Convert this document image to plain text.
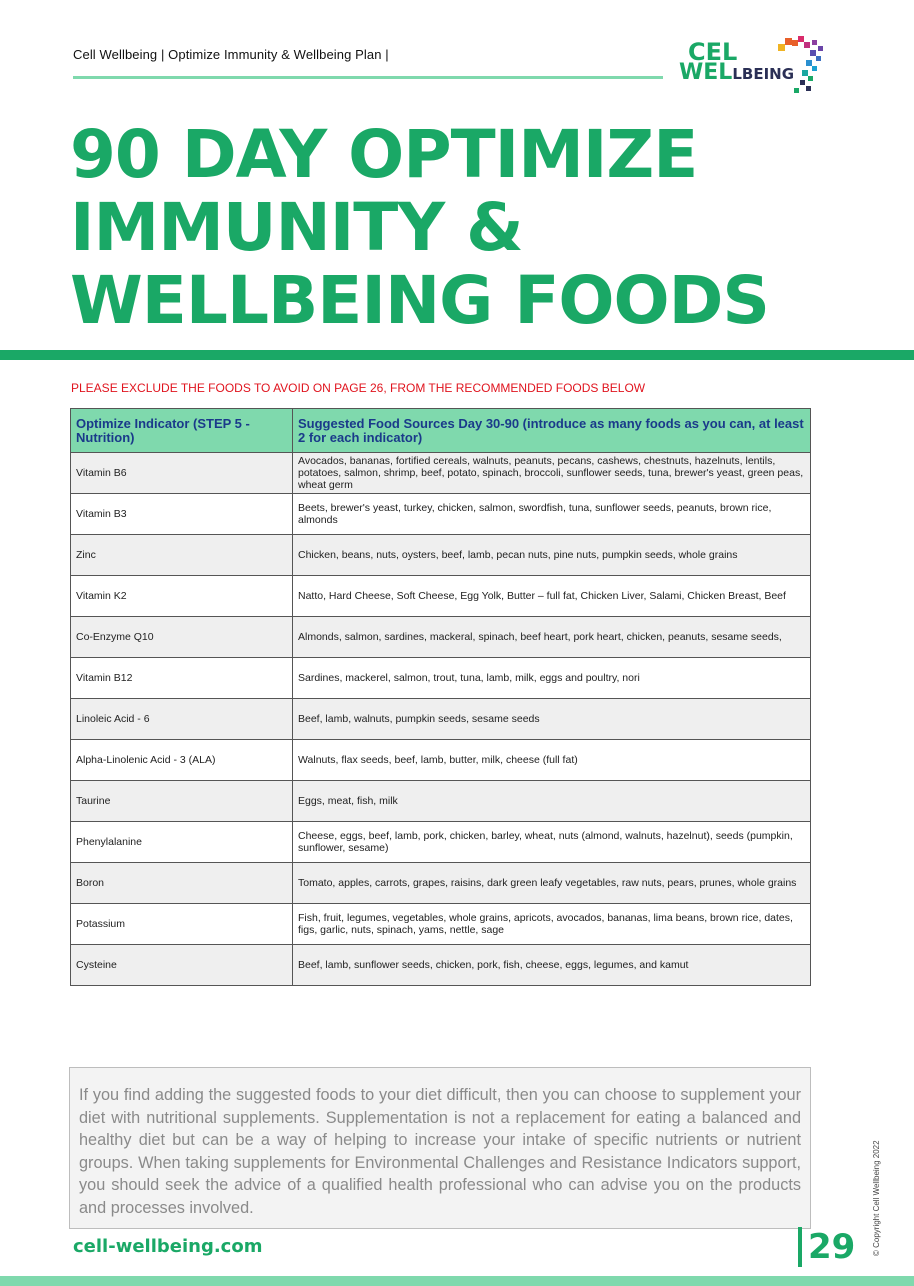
Cell Wellbeing | Optimize Immunity & Wellbeing Plan |	CEL
WELLBEING
90 DAY OPTIMIZE
IMMUNITY &
WELLBEING FOODS
PLEASE EXCLUDE THE FOODS TO AVOID ON PAGE 26, FROM THE RECOMMENDED FOODS BELOW
Optimize Indicator (STEP 5 - Nutrition)	Suggested Food Sources Day 30-90 (introduce as many foods as you can, at least 2 for each indicator)
Vitamin B6	Avocados, bananas, fortified cereals, walnuts, peanuts, pecans, cashews, chestnuts, hazelnuts, lentils, potatoes, salmon, shrimp, beef, potato, spinach, broccoli, sunflower seeds, tuna, brewer's yeast, green peas, wheat germ
Vitamin B3	Beets, brewer's yeast, turkey, chicken, salmon, swordfish, tuna, sunflower seeds, peanuts, brown rice, almonds
Zinc	Chicken, beans, nuts, oysters, beef, lamb, pecan nuts, pine nuts, pumpkin seeds, whole grains
Vitamin K2	Natto, Hard Cheese, Soft Cheese, Egg Yolk, Butter – full fat, Chicken Liver, Salami, Chicken Breast, Beef
Co-Enzyme Q10	Almonds, salmon, sardines, mackeral, spinach, beef heart, pork heart, chicken, peanuts, sesame seeds,
Vitamin B12	Sardines, mackerel, salmon, trout, tuna, lamb, milk, eggs and poultry, nori
Linoleic Acid - 6	Beef, lamb, walnuts, pumpkin seeds, sesame seeds
Alpha-Linolenic Acid - 3 (ALA)	Walnuts, flax seeds, beef, lamb, butter, milk, cheese (full fat)
Taurine	Eggs, meat, fish, milk
Phenylalanine	Cheese, eggs, beef, lamb, pork, chicken, barley, wheat, nuts (almond, walnuts, hazelnut), seeds (pumpkin, sunflower, sesame)
Boron	Tomato, apples, carrots, grapes, raisins, dark green leafy vegetables, raw nuts, pears, prunes, whole grains
Potassium	Fish, fruit, legumes, vegetables, whole grains, apricots, avocados, bananas, lima beans, brown rice, dates, figs, garlic, nuts, spinach, yams, nettle, sage
Cysteine	Beef, lamb, sunflower seeds, chicken, pork, fish, cheese, eggs, legumes, and kamut
If you find adding the suggested foods to your diet difficult, then you can choose to supplement your diet with nutritional supplements. Supplementation is not a replacement for eating a balanced and healthy diet but can be a way of helping to increase your intake of specific nutrients or nutrient groups. When taking supplements for Environmental Challenges and Resistance Indicators support, you should seek the advice of a qualified health professional who can advise you on the products and processes involved.
cell-wellbeing.com	29 © Copyright Cell Wellbeing 2022
